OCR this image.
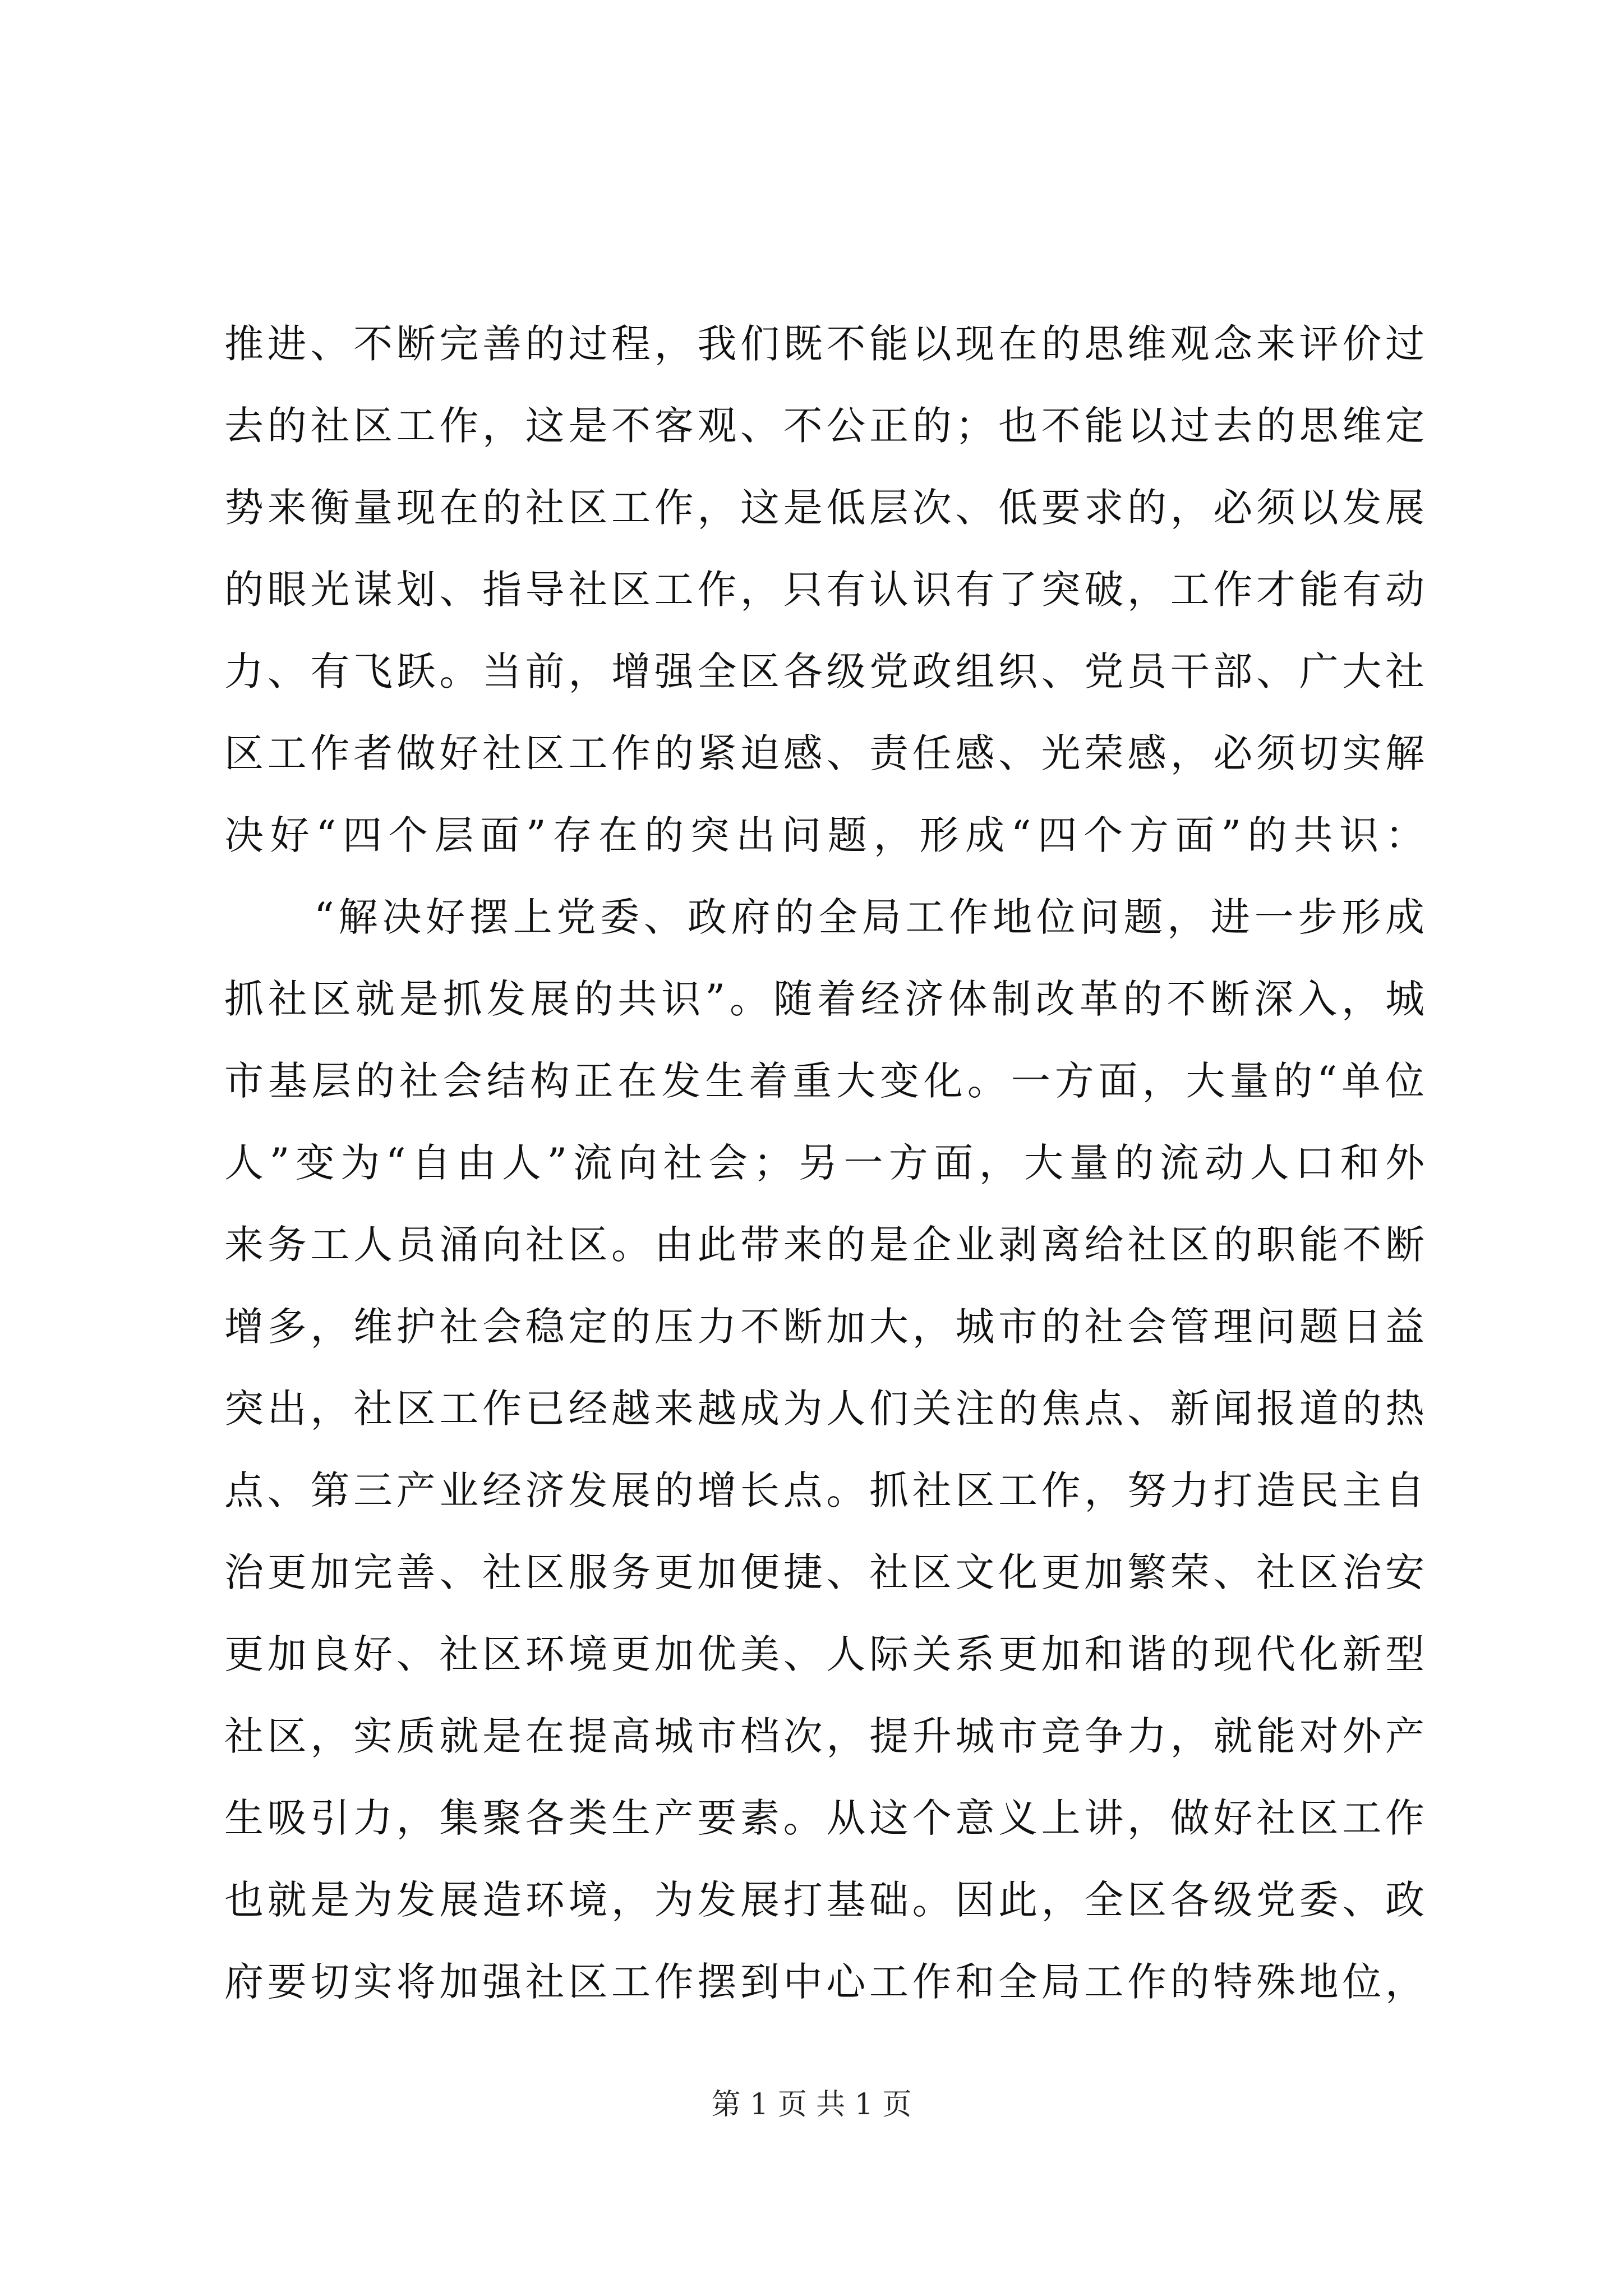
推进、不断完善的过程，我们既不能以现在的思维观念来评价过
去的社区工作，这是不客观、不公正的；也不能以过去的思维定
势来衡量现在的社区工作，这是低层次、低要求的，必须以发展
的眼光谋划、指导社区工作，只有认识有了突破，工作才能有动
力、有飞跃。当前，增强全区各级党政组织、党员干部、广大社
区工作者做好社区工作的紧迫感、责任感、光荣感，必须切实解
决好“四个层面”存在的突出问题，形成“四个方面”的共识：
“解决好摆上党委、政府的全局工作地位问题，进一步形成
抓社区就是抓发展的共识”。随着经济体制改革的不断深入，城
市基层的社会结构正在发生着重大变化。一方面，大量的“单位
人”变为“自由人”流向社会；另一方面，大量的流动人口和外
来务工人员涌向社区。由此带来的是企业剥离给社区的职能不断
增多，维护社会稳定的压力不断加大，城市的社会管理问题日益
突出，社区工作已经越来越成为人们关注的焦点、新闻报道的热
点、第三产业经济发展的增长点。抓社区工作，努力打造民主自
治更加完善、社区服务更加便捷、社区文化更加繁荣、社区治安
更加良好、社区环境更加优美、人际关系更加和谐的现代化新型
社区，实质就是在提高城市档次，提升城市竞争力，就能对外产
生吸引力，集聚各类生产要素。从这个意义上讲，做好社区工作
也就是为发展造环境，为发展打基础。因此，全区各级党委、政
府要切实将加强社区工作摆到中心工作和全局工作的特殊地位，
第 1 页 共 1 页
